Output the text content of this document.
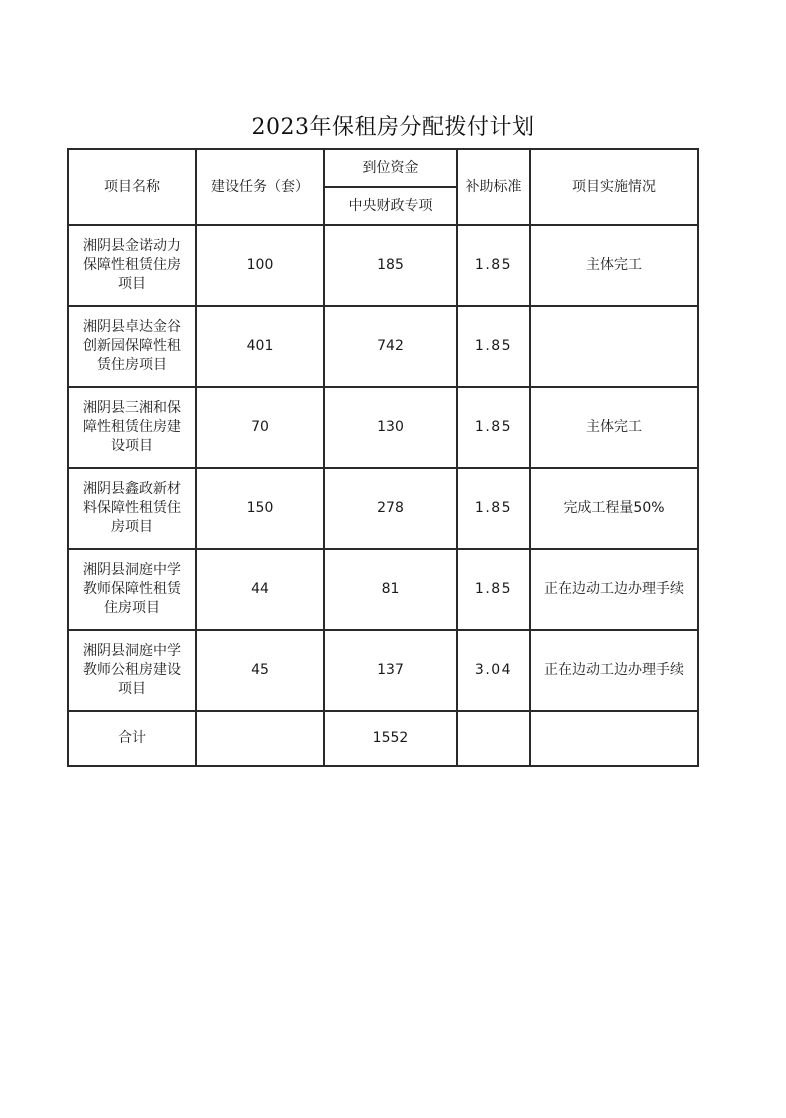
2023年保租房分配拨付计划
项目名称	建设任务（套）	到位资金	补助标准	项目实施情况
		中央财政专项		
湘阴县金诺动力
保障性租赁住房
项目	100	185	1.85	主体完工
湘阴县卓达金谷
创新园保障性租
赁住房项目	401	742	1.85	
湘阴县三湘和保
障性租赁住房建
设项目	70	130	1.85	主体完工
湘阴县鑫政新材
料保障性租赁住
房项目	150	278	1.85	完成工程量50%
湘阴县洞庭中学
教师保障性租赁
住房项目	44	81	1.85	正在边动工边办理手续
湘阴县洞庭中学
教师公租房建设
项目	45	137	3.04	正在边动工边办理手续
合计		1552		
